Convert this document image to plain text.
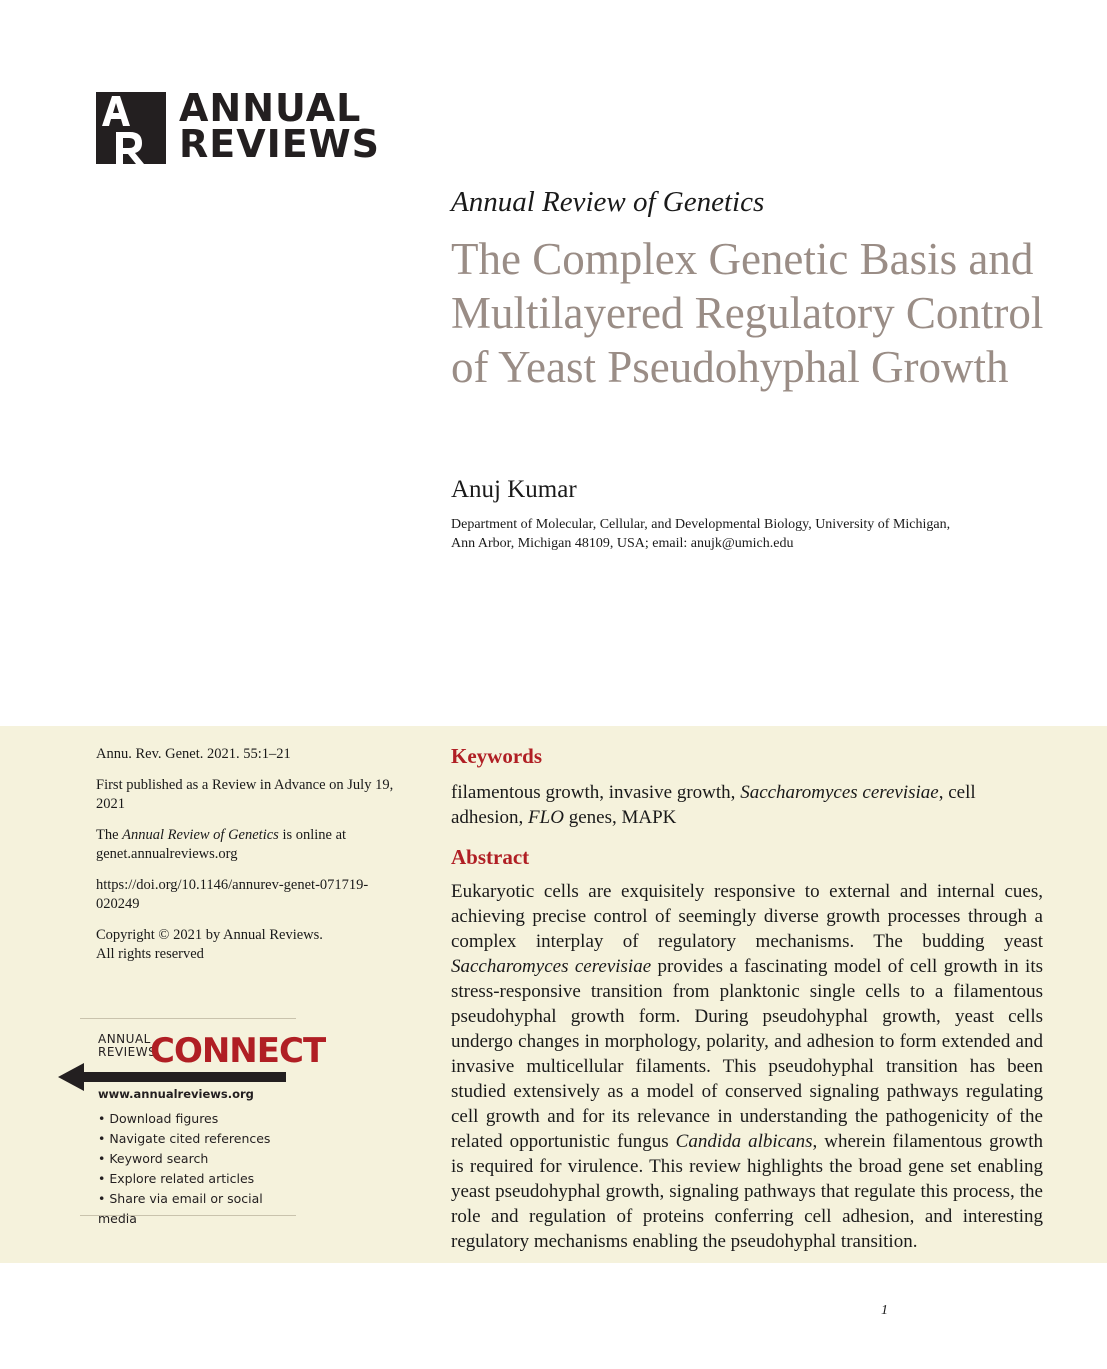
ANNUAL
REVIEWS
Annual Review of Genetics
The Complex Genetic Basis and Multilayered Regulatory Control of Yeast Pseudohyphal Growth
Anuj Kumar
Department of Molecular, Cellular, and Developmental Biology, University of Michigan,
Ann Arbor, Michigan 48109, USA; email: anujk@umich.edu

Annu. Rev. Genet. 2021. 55:1–21

First published as a Review in Advance on July 19, 2021

The Annual Review of Genetics is online at genet.annualreviews.org

https://doi.org/10.1146/annurev-genet-071719-020249

Copyright © 2021 by Annual Reviews.
All rights reserved

ANNUAL
REVIEWS
CONNECT
www.annualreviews.org
• Download figures
• Navigate cited references
• Keyword search
• Explore related articles
• Share via email or social media
Keywords
filamentous growth, invasive growth, Saccharomyces cerevisiae, cell adhesion, FLO genes, MAPK
Abstract
Eukaryotic cells are exquisitely responsive to external and internal cues, achieving precise control of seemingly diverse growth processes through a complex interplay of regulatory mechanisms. The budding yeast Saccharomyces cerevisiae provides a fascinating model of cell growth in its stress-responsive transition from planktonic single cells to a filamentous pseudohyphal growth form. During pseudohyphal growth, yeast cells undergo changes in morphology, polarity, and adhesion to form extended and invasive multicellular filaments. This pseudohyphal transition has been studied extensively as a model of conserved signaling pathways regulating cell growth and for its relevance in understanding the pathogenicity of the related opportunistic fungus Candida albicans, wherein filamentous growth is required for virulence. This review highlights the broad gene set enabling yeast pseudohyphal growth, signaling pathways that regulate this process, the role and regulation of proteins conferring cell adhesion, and interesting regulatory mechanisms enabling the pseudohyphal transition.
1
